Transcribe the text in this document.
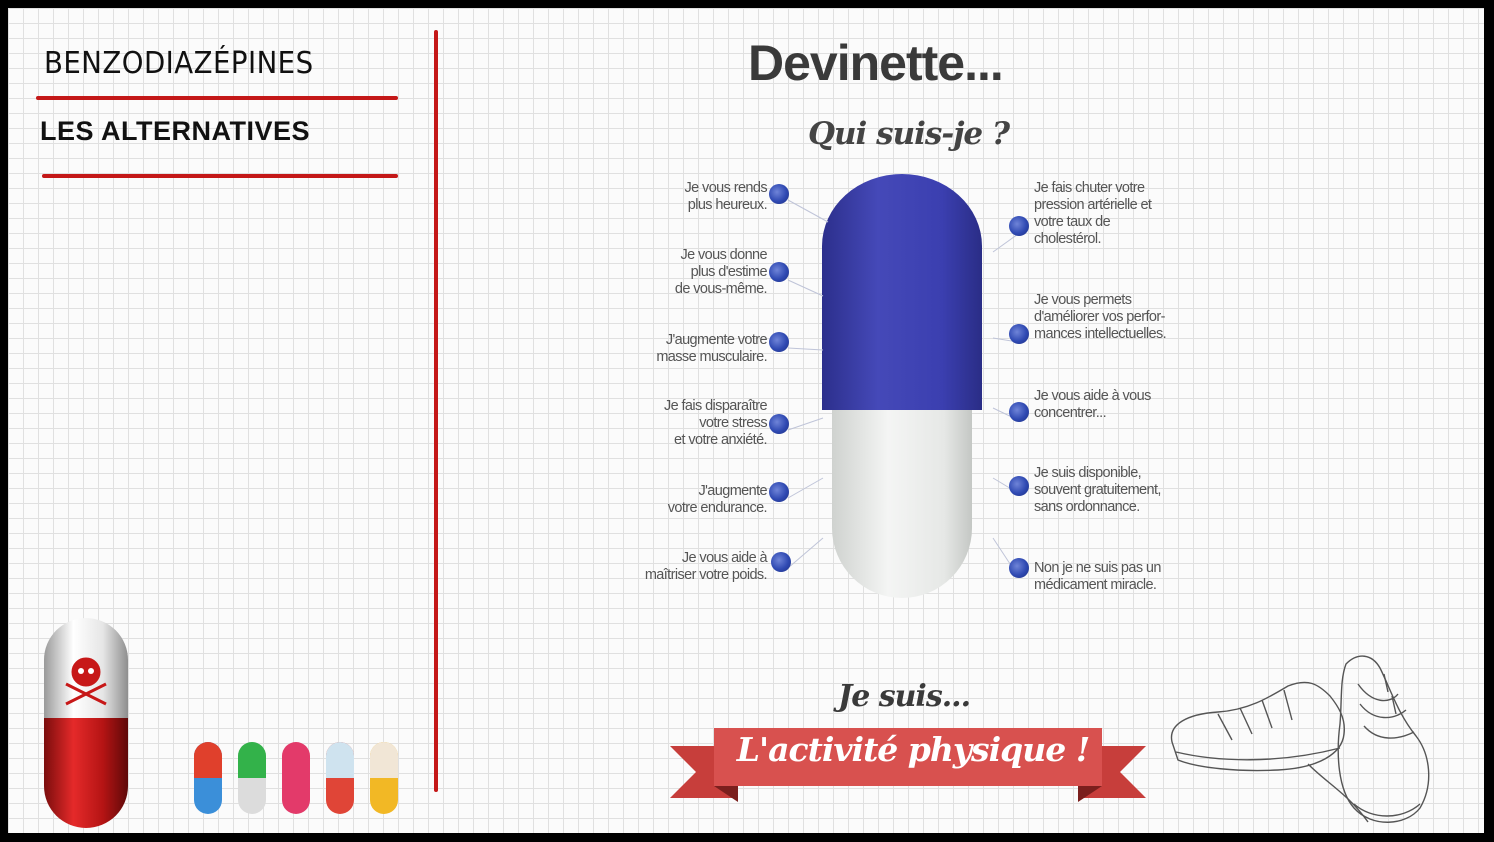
BENZODIAZÉPINES
LES ALTERNATIVES
Devinette...
Qui suis-je ?
Je vous rends
plus heureux.
Je vous donne
plus d'estime
de vous-même.
J'augmente votre
masse musculaire.
Je fais disparaître
votre stress
et votre anxiété.
J'augmente
votre endurance.
Je vous aide à
maîtriser votre poids.
Je fais chuter votre
pression artérielle et
votre taux de
cholestérol.
Je vous permets
d'améliorer vos perfor-
mances intellectuelles.
Je vous aide à vous
concentrer...
Je suis disponible,
souvent gratuitement,
sans ordonnance.
Non je ne suis pas un
médicament miracle.
Je suis...
L'activité physique !
